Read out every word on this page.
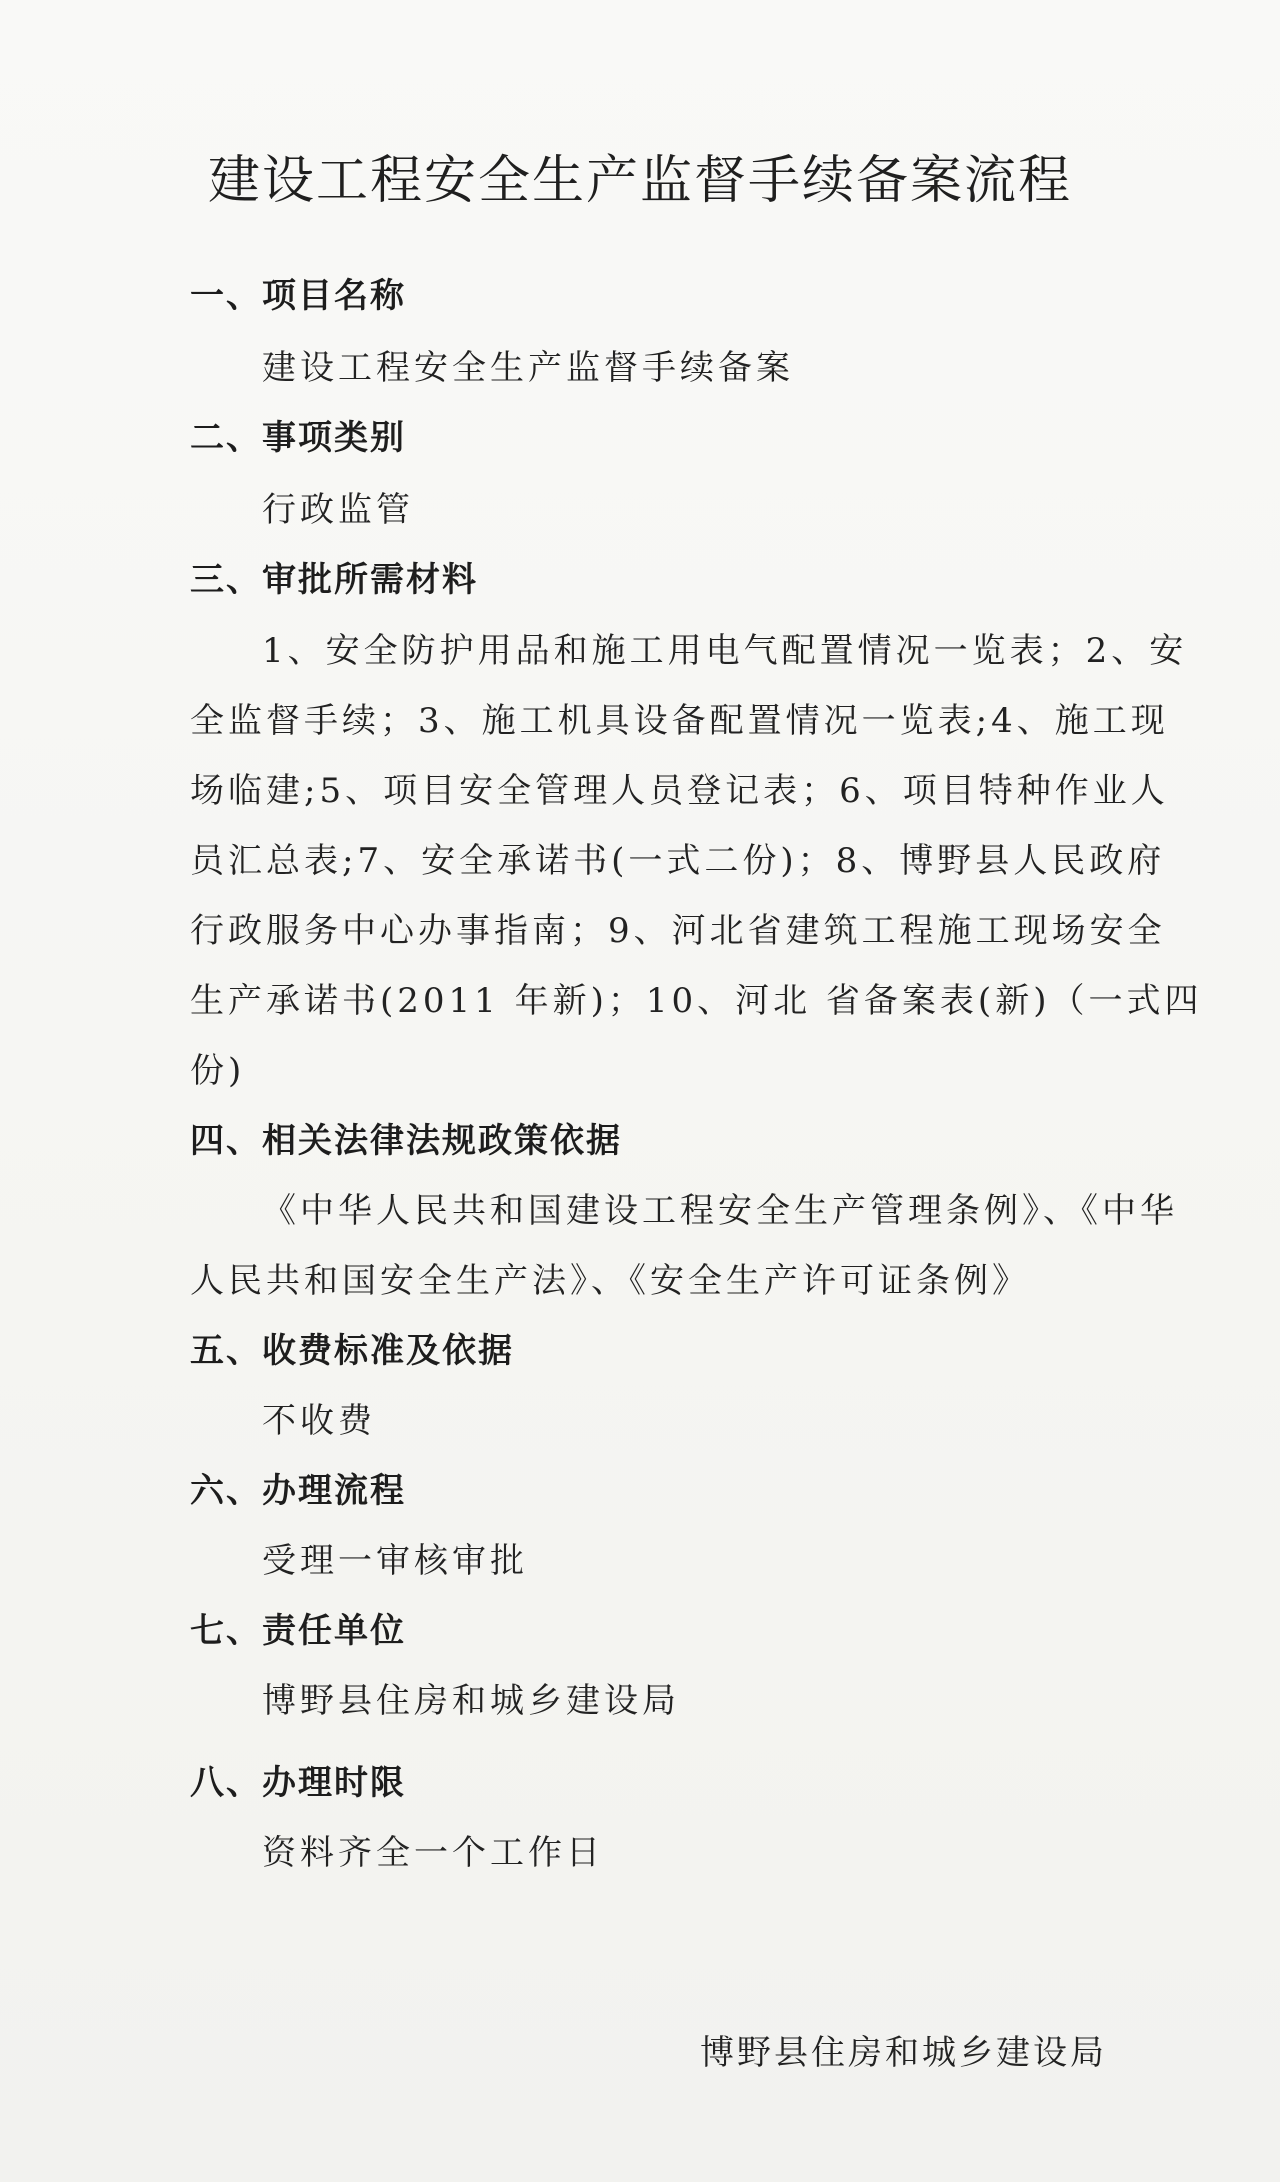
建设工程安全生产监督手续备案流程
一、项目名称
建设工程安全生产监督手续备案
二、事项类别
行政监管
三、审批所需材料
1、安全防护用品和施工用电气配置情况一览表；2、安
全监督手续；3、施工机具设备配置情况一览表;4、施工现
场临建;5、项目安全管理人员登记表；6、项目特种作业人
员汇总表;7、安全承诺书(一式二份)；8、博野县人民政府
行政服务中心办事指南；9、河北省建筑工程施工现场安全
生产承诺书(2011 年新)；10、河北 省备案表(新)（一式四
份)
四、相关法律法规政策依据
《中华人民共和国建设工程安全生产管理条例》、《中华
人民共和国安全生产法》、《安全生产许可证条例》
五、收费标准及依据
不收费
六、办理流程
受理一审核审批
七、责任单位
博野县住房和城乡建设局
八、办理时限
资料齐全一个工作日
博野县住房和城乡建设局
